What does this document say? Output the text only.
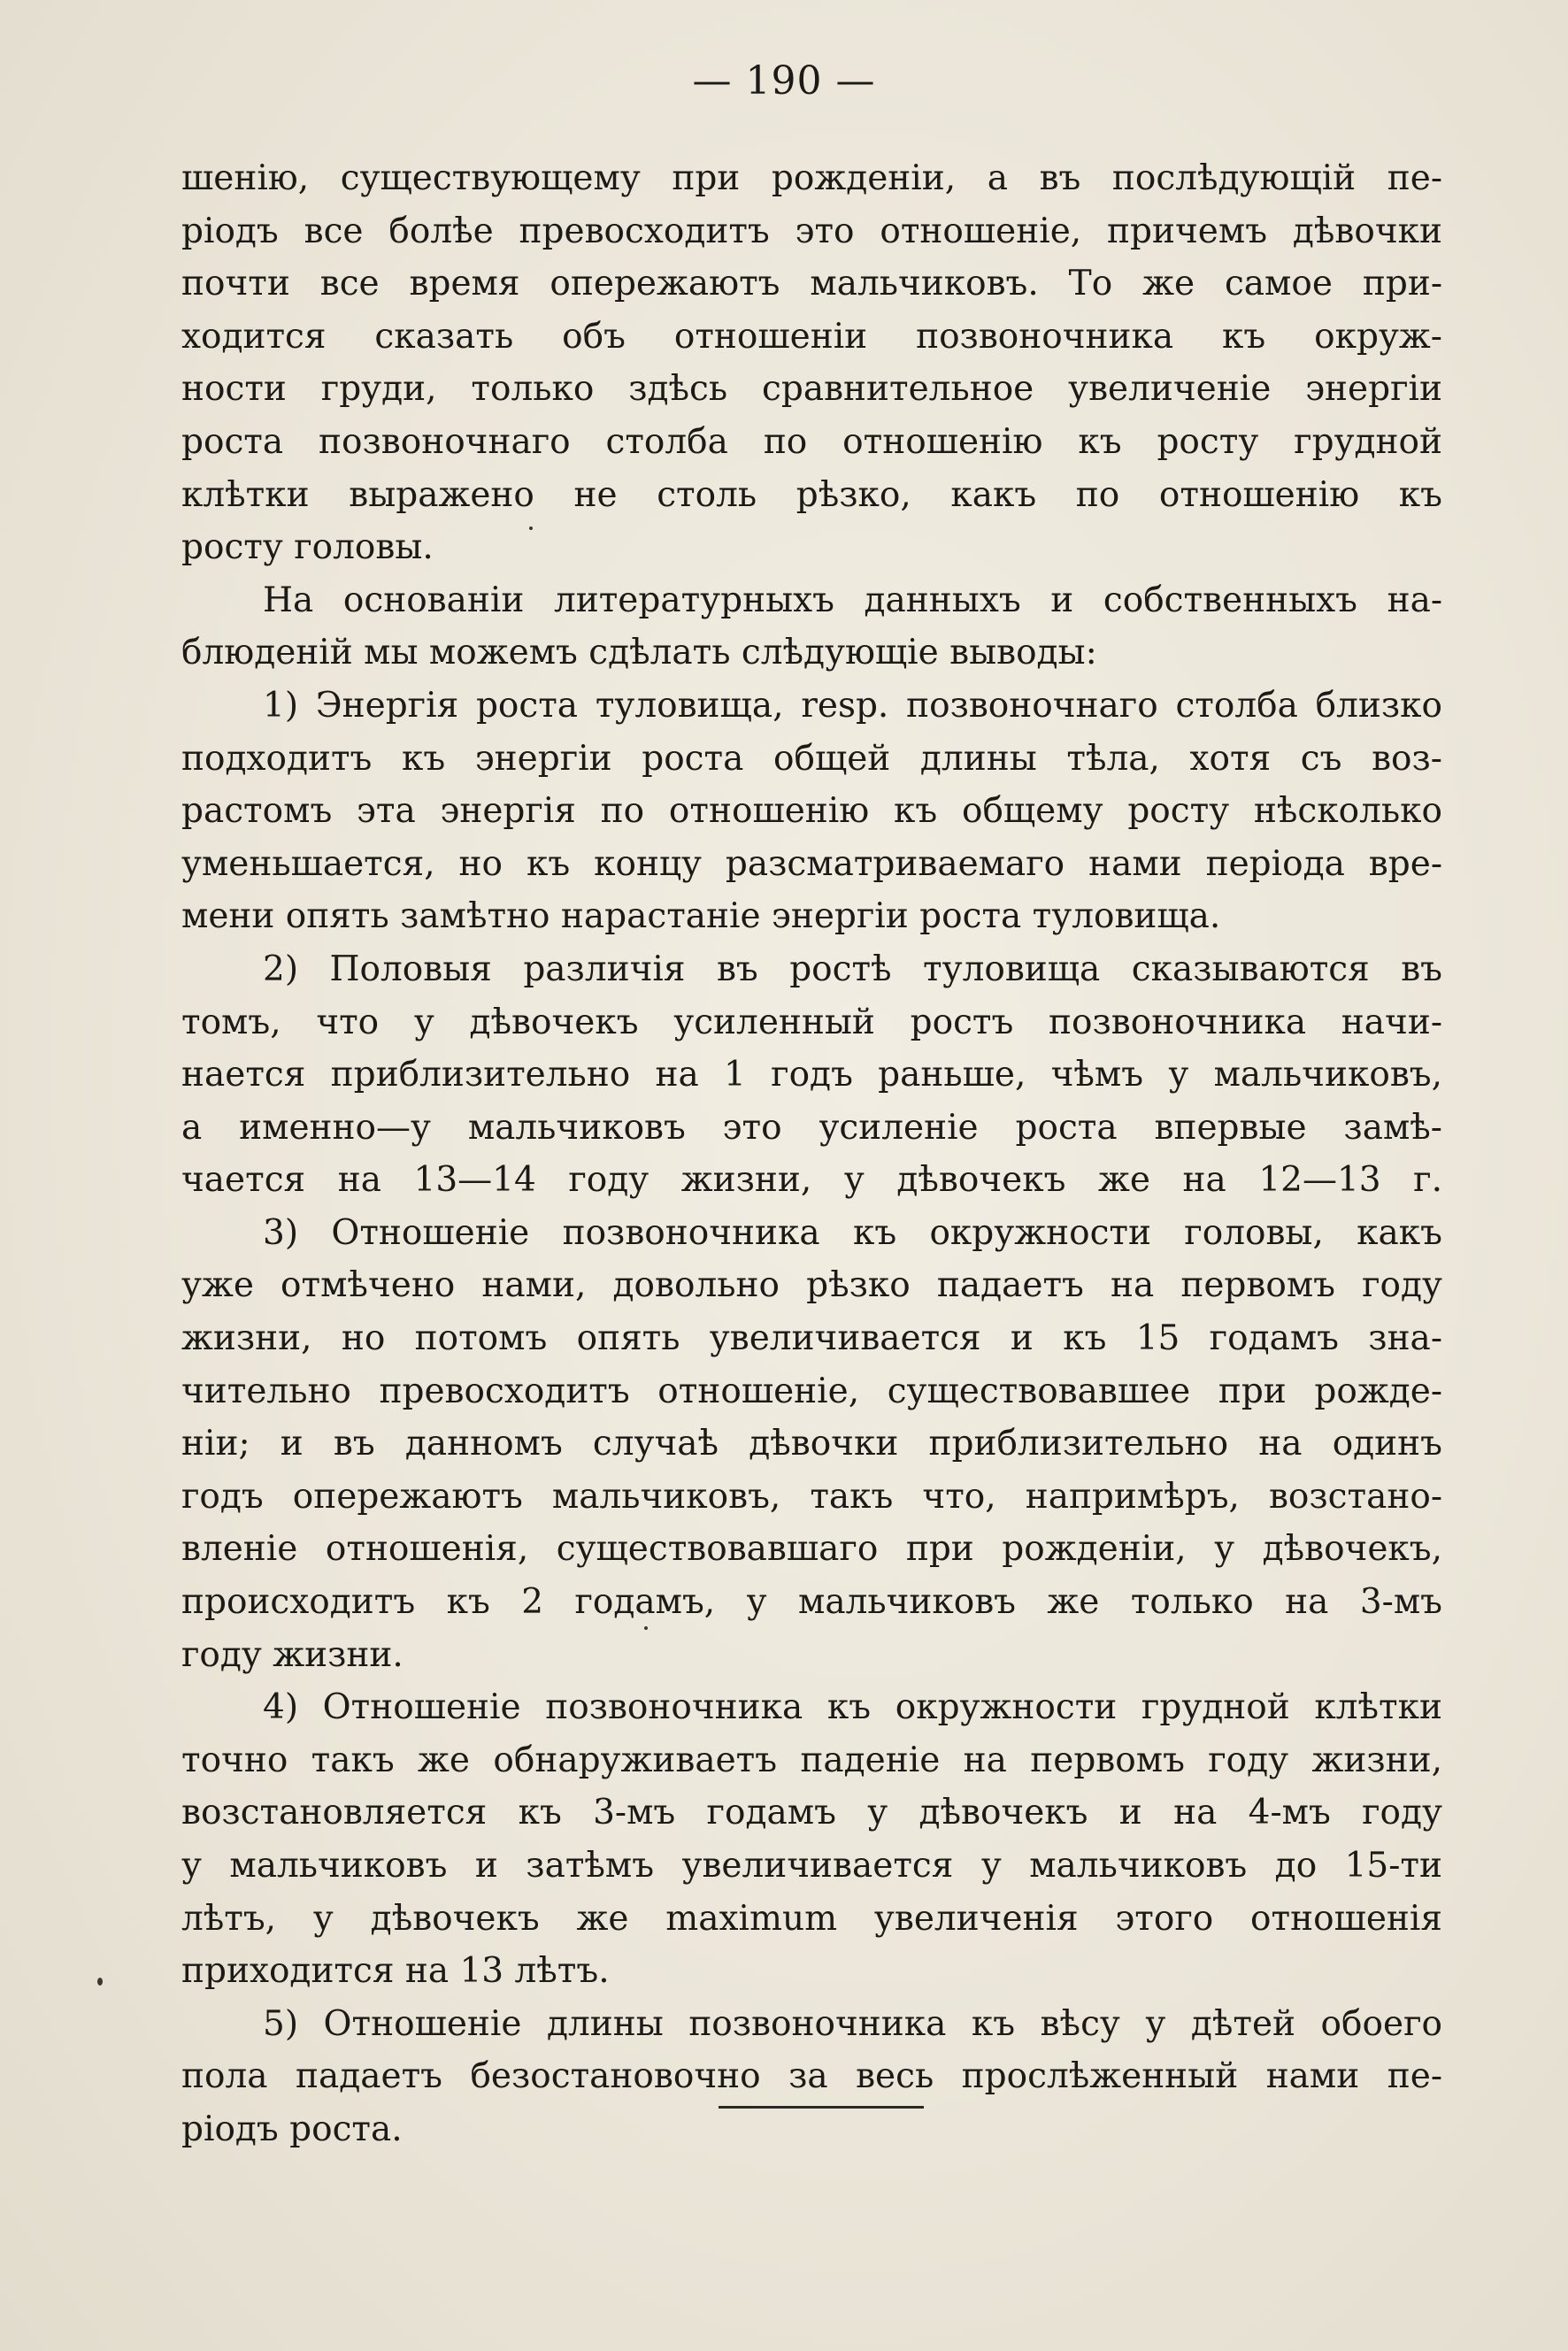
— 190 —
шенію, существующему при рожденіи, а въ послѣдующій пе-
ріодъ все болѣе превосходитъ это отношеніе, причемъ дѣвочки
почти все время опережаютъ мальчиковъ. То же самое при-
ходится сказать объ отношеніи позвоночника къ окруж-
ности груди, только здѣсь сравнительное увеличеніе энергіи
роста позвоночнаго столба по отношенію къ росту грудной
клѣтки выражено не столь рѣзко, какъ по отношенію къ
росту головы.
На основаніи литературныхъ данныхъ и собственныхъ на-
блюденій мы можемъ сдѣлать слѣдующіе выводы:
1) Энергія роста туловища, resp. позвоночнаго столба близко
подходитъ къ энергіи роста общей длины тѣла, хотя съ воз-
растомъ эта энергія по отношенію къ общему росту нѣсколько
уменьшается, но къ концу разсматриваемаго нами періода вре-
мени опять замѣтно нарастаніе энергіи роста туловища.
2) Половыя различія въ ростѣ туловища сказываются въ
томъ, что у дѣвочекъ усиленный ростъ позвоночника начи-
нается приблизительно на 1 годъ раньше, чѣмъ у мальчиковъ,
а именно—у мальчиковъ это усиленіе роста впервые замѣ-
чается на 13—14 году жизни, у дѣвочекъ же на 12—13 г.
3) Отношеніе позвоночника къ окружности головы, какъ
уже отмѣчено нами, довольно рѣзко падаетъ на первомъ году
жизни, но потомъ опять увеличивается и къ 15 годамъ зна-
чительно превосходитъ отношеніе, существовавшее при рожде-
ніи; и въ данномъ случаѣ дѣвочки приблизительно на одинъ
годъ опережаютъ мальчиковъ, такъ что, напримѣръ, возстано-
вленіе отношенія, существовавшаго при рожденіи, у дѣвочекъ,
происходитъ къ 2 годамъ, у мальчиковъ же только на 3-мъ
году жизни.
4) Отношеніе позвоночника къ окружности грудной клѣтки
точно такъ же обнаруживаетъ паденіе на первомъ году жизни,
возстановляется къ 3-мъ годамъ у дѣвочекъ и на 4-мъ году
у мальчиковъ и затѣмъ увеличивается у мальчиковъ до 15-ти
лѣтъ, у дѣвочекъ же maximum увеличенія этого отношенія
приходится на 13 лѣтъ.
5) Отношеніе длины позвоночника къ вѣсу у дѣтей обоего
пола падаетъ безостановочно за весь прослѣженный нами пе-
ріодъ роста.
